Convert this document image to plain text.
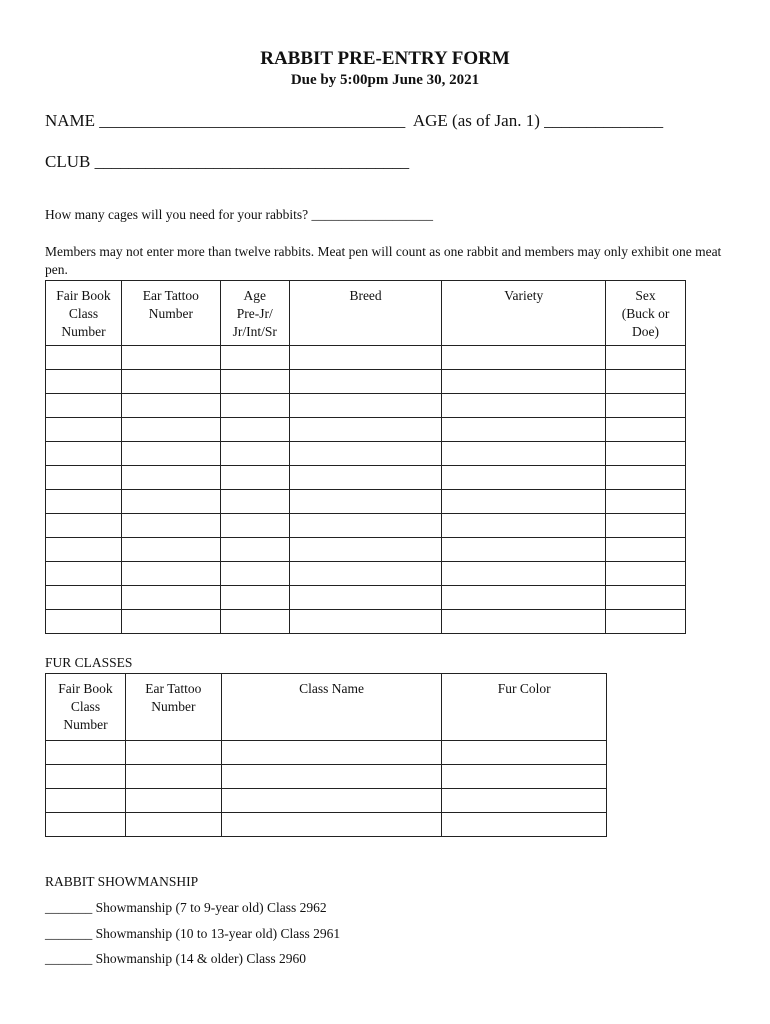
RABBIT PRE-ENTRY FORM
Due by 5:00pm June 30, 2021
NAME ____________________________________  AGE (as of Jan. 1) ______________
CLUB _____________________________________
How many cages will you need for your rabbits? __________________
Members may not enter more than twelve rabbits. Meat pen will count as one rabbit and members may only exhibit one meat pen.
Fair Book
Class
Number	Ear Tattoo
Number	Age
Pre-Jr/
Jr/Int/Sr	Breed	Variety	Sex
(Buck or
Doe)

FUR CLASSES
Fair Book
Class
Number	Ear Tattoo
Number	Class Name	Fur Color

RABBIT SHOWMANSHIP
_______ Showmanship (7 to 9-year old) Class 2962
_______ Showmanship (10 to 13-year old) Class 2961
_______ Showmanship (14 & older) Class 2960
